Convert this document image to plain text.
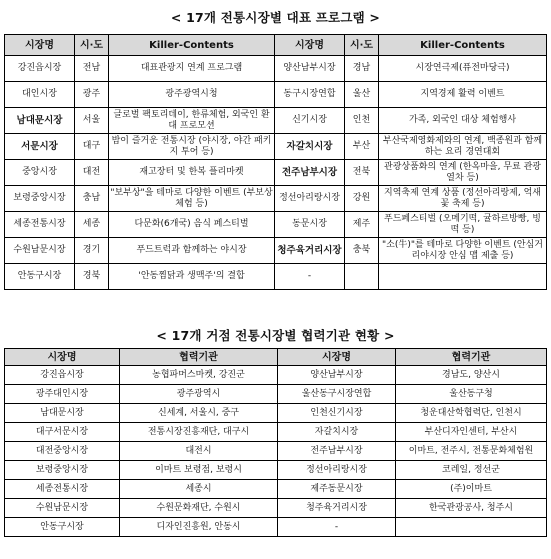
< 17개 전통시장별 대표 프로그램 >
시장명	시·도	Killer-Contents	시장명	시·도	Killer-Contents
강진읍시장	전남	대표관광지 연계 프로그램	양산남부시장	경남	시장연극제(퓨전마당극)
대인시장	광주	광주광역시청	동구시장연합	울산	지역경제 활력 이벤트
남대문시장	서울	글로벌 팩토리데이, 한류체험, 외국인 환대 프로모션	신기시장	인천	가족, 외국인 대상 체험행사
서문시장	대구	밤이 즐거운 전통시장 (야시장, 야간 패키지 투어 등)	자갈치시장	부산	부산국제영화제와의 연계, 백종원과 함께하는 요리 경연대회
중앙시장	대전	재고장터 및 한복 플리마켓	전주남부시장	전북	관광상품화의 연계 (한옥마을, 무료 관광열차 등)
보령중앙시장	충남	"보부상"을 테마로 다양한 이벤트 (부보상 체험 등)	정선아리랑시장	강원	지역축제 연계 상품 (정선아리랑제, 억새꽃 축제 등)
세종전통시장	세종	다문화(6개국) 음식 페스티벌	동문시장	제주	푸드페스티벌 (오메기떡, 귤하르방빵, 빙떡 등)
수원남문시장	경기	푸드트럭과 함께하는 야시장	청주육거리시장	충북	"소(牛)"를 테마로 다양한 이벤트 (안심거리야시장 안심 맵 제출 등)
안동구시장	경북	'안동찜닭과 생맥주'의 결합	-		
< 17개 거점 전통시장별 협력기관 현황 >
시장명	협력기관	시장명	협력기관
강진읍시장	농협파머스마켓, 강진군	양산남부시장	경남도, 양산시
광주대인시장	광주광역시	울산동구시장연합	울산동구청
남대문시장	신세계, 서울시, 중구	인천신기시장	청운대산학협력단, 인천시
대구서문시장	전통시장진흥재단, 대구시	자갈치시장	부산디자인센터, 부산시
대전중앙시장	대전시	전주남부시장	이마트, 전주시, 전통문화체험원
보령중앙시장	이마트 보령점, 보령시	정선아리랑시장	코레일, 정선군
세종전통시장	세종시	제주동문시장	(주)이마트
수원남문시장	수원문화재단, 수원시	청주육거리시장	한국관광공사, 청주시
안동구시장	디자인진흥원, 안동시	-	
